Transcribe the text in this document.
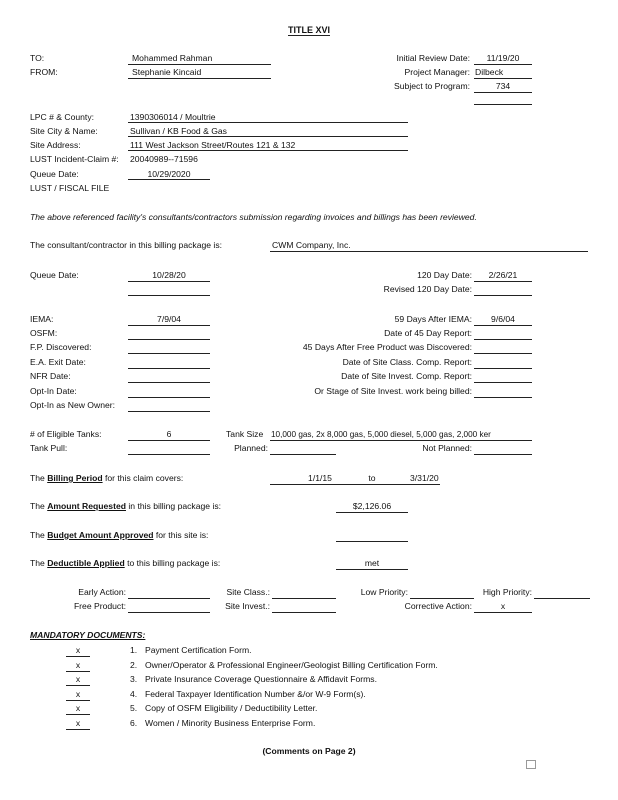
TITLE XVI
TO:	Mohammed Rahman
FROM:	Stephanie Kincaid
Initial Review Date:	11/19/20
Project Manager: Dilbeck
Subject to Program:	734
LPC # & County:	1390306014 / Moultrie
Site City & Name:	Sullivan / KB Food & Gas
Site Address:	111 West Jackson Street/Routes 121 & 132
LUST Incident-Claim #: 20040989--71596
Queue Date:	10/29/2020
LUST / FISCAL FILE
The above referenced facility's consultants/contractors submission regarding invoices and billings has been reviewed.
The consultant/contractor in this billing package is:	CWM Company, Inc.
Queue Date:	10/28/20	120 Day Date:	2/26/21
Revised 120 Day Date:
IEMA:	7/9/04	59 Days After IEMA:	9/6/04
OSFM:	Date of 45 Day Report:
F.P. Discovered:	45 Days After Free Product was Discovered:
E.A. Exit Date:	Date of Site Class. Comp. Report:
NFR Date:	Date of Site Invest. Comp. Report:
Opt-In Date:	Or Stage of Site Invest. work being billed:
Opt-In as New Owner:
# of Eligible Tanks:	6	Tank Size 10,000 gas, 2x 8,000 gas, 5,000 diesel, 5,000 gas, 2,000 ker
Tank Pull:	Planned:	Not Planned:
The Billing Period for this claim covers:	1/1/15	to	3/31/20
The Amount Requested in this billing package is:	$2,126.06
The Budget Amount Approved for this site is:
The Deductible Applied to this billing package is:	met
Early Action:	Site Class.:	Low Priority:	High Priority:
Free Product:	Site Invest.:	Corrective Action:	x
MANDATORY DOCUMENTS:
x	1. Payment Certification Form.
x	2. Owner/Operator & Professional Engineer/Geologist Billing Certification Form.
x	3. Private Insurance Coverage Questionnaire & Affidavit Forms.
x	4. Federal Taxpayer Identification Number &/or W-9 Form(s).
x	5. Copy of OSFM Eligibility / Deductibility Letter.
x	6. Women / Minority Business Enterprise Form.
(Comments on Page 2)
